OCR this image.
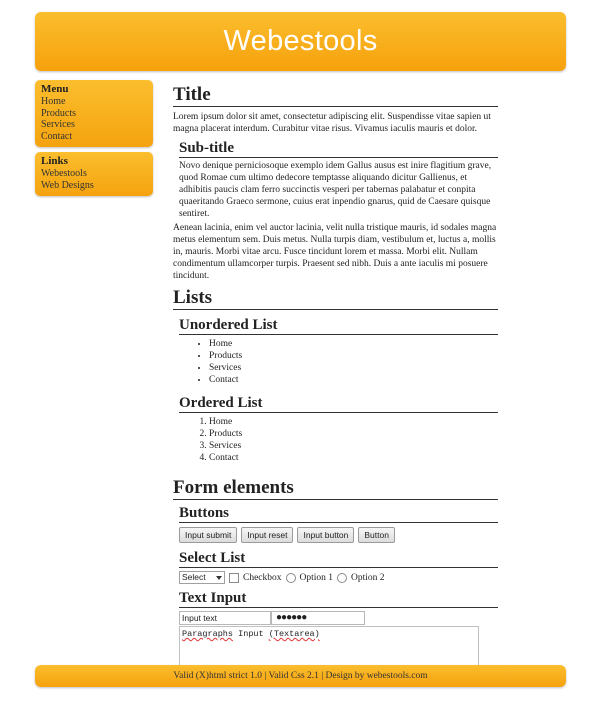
Webestools
Menu
Home
Products
Services
Contact
Links
Webestools
Web Designs
Title

Lorem ipsum dolor sit amet, consectetur adipiscing elit. Suspendisse vitae sapien ut magna placerat interdum. Curabitur vitae risus. Vivamus iaculis mauris et dolor.

Sub-title

Novo denique perniciosoque exemplo idem Gallus ausus est inire flagitium grave, quod Romae cum ultimo dedecore temptasse aliquando dicitur Gallienus, et adhibitis paucis clam ferro succinctis vesperi per tabernas palabatur et conpita quaeritando Graeco sermone, cuius erat inpendio gnarus, quid de Caesare quisque sentiret.

Aenean lacinia, enim vel auctor lacinia, velit nulla tristique mauris, id sodales magna metus elementum sem. Duis metus. Nulla turpis diam, vestibulum et, luctus a, mollis in, mauris. Morbi vitae arcu. Fusce tincidunt lorem et massa. Morbi elit. Nullam condimentum ullamcorper turpis. Praesent sed nibh. Duis a ante iaculis mi posuere tincidunt.

Lists
Unordered List
• Home
• Products
• Services
• Contact
Ordered List
1. Home
2. Products
3. Services
4. Contact
Form elements
Buttons
Input submit	Input reset	Input button	Button
Select List
Select	Checkbox Option 1 Option 2
Text Input
Input text	●●●●●●
Paragraphs Input (Textarea)
Valid (X)html strict 1.0 | Valid Css 2.1 | Design by webestools.com
